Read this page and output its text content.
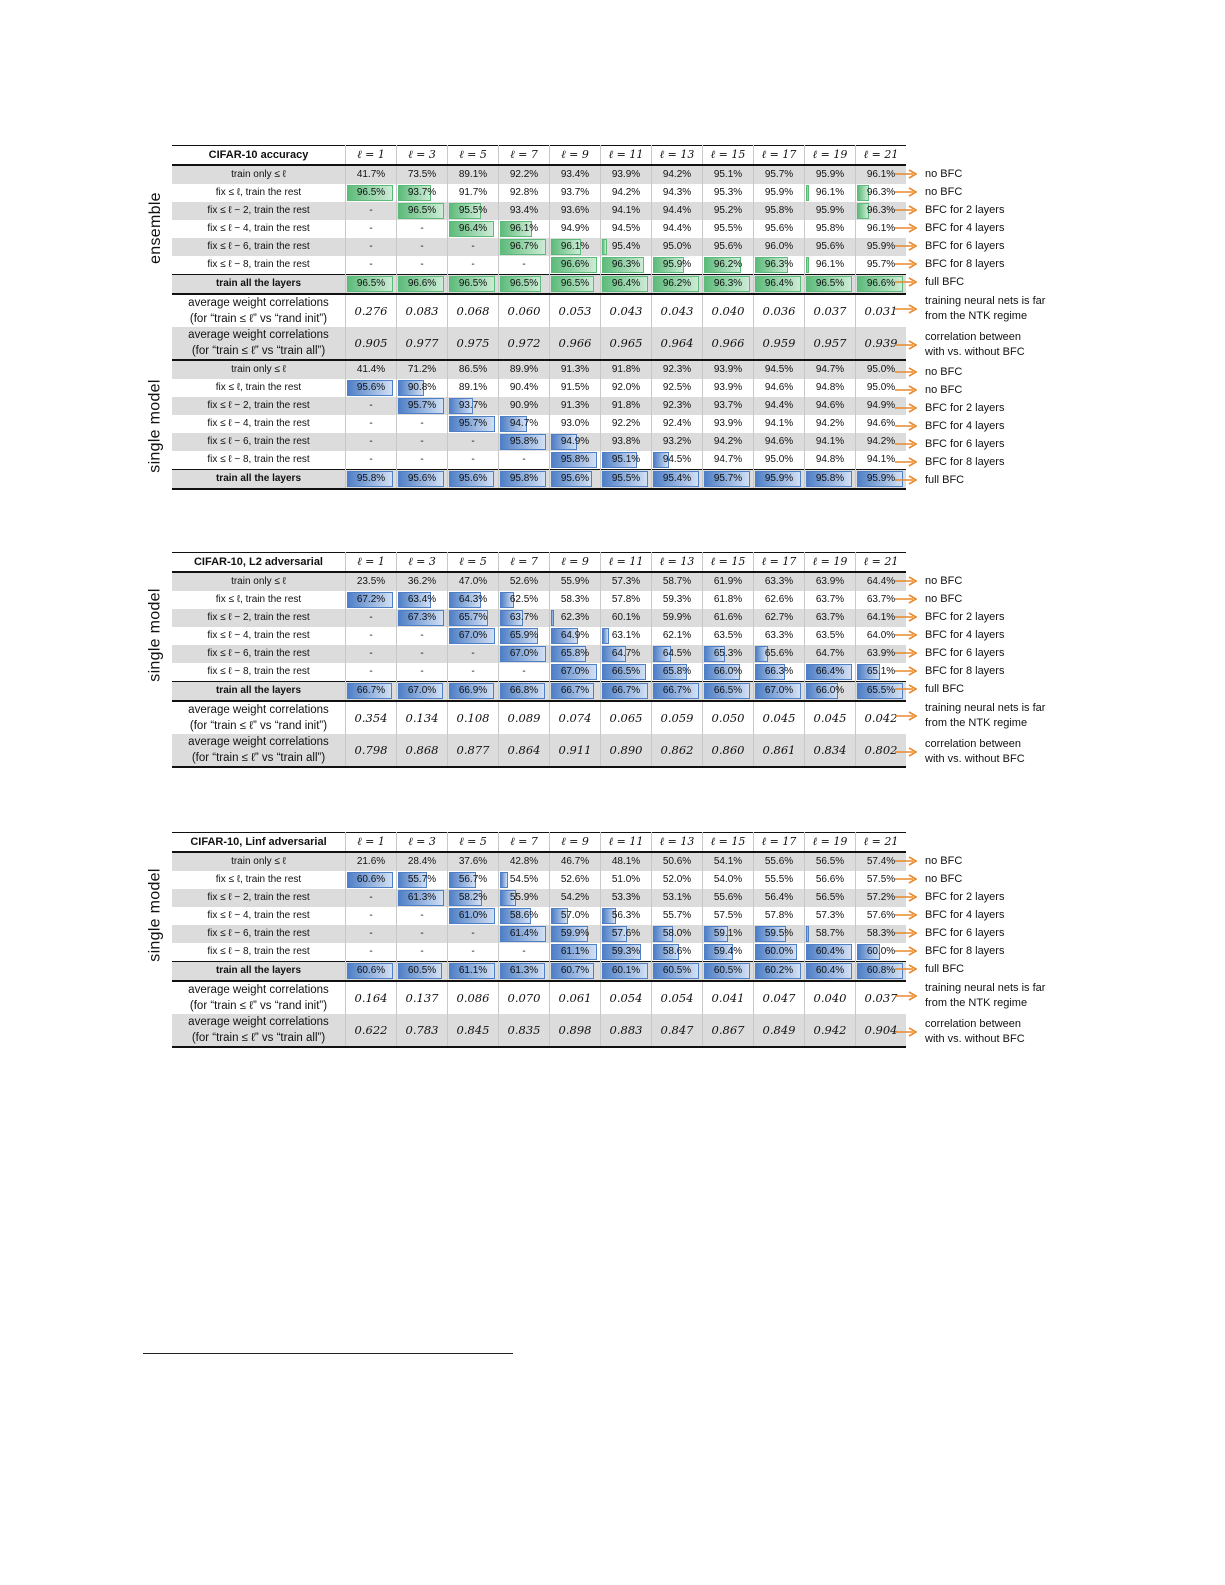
ensemble
single model
CIFAR-10 accuracy	ℓ = 1	ℓ = 3	ℓ = 5	ℓ = 7	ℓ = 9	ℓ = 11	ℓ = 13	ℓ = 15	ℓ = 17	ℓ = 19	ℓ = 21
train only ≤ ℓ	41.7%	73.5%	89.1%	92.2%	93.4%	93.9%	94.2%	95.1%	95.7%	95.9%	96.1%
fix ≤ ℓ, train the rest	96.5%	93.7%	91.7%	92.8%	93.7%	94.2%	94.3%	95.3%	95.9%	96.1%	96.3%
fix ≤ ℓ − 2, train the rest	-	96.5%	95.5%	93.4%	93.6%	94.1%	94.4%	95.2%	95.8%	95.9%	96.3%
fix ≤ ℓ − 4, train the rest	-	-	96.4%	96.1%	94.9%	94.5%	94.4%	95.5%	95.6%	95.8%	96.1%
fix ≤ ℓ − 6, train the rest	-	-	-	96.7%	96.1%	95.4%	95.0%	95.6%	96.0%	95.6%	95.9%
fix ≤ ℓ − 8, train the rest	-	-	-	-	96.6%	96.3%	95.9%	96.2%	96.3%	96.1%	95.7%
train all the layers	96.5%	96.6%	96.5%	96.5%	96.5%	96.4%	96.2%	96.3%	96.4%	96.5%	96.6%

average weight correlations
(for “train ≤ ℓ” vs “rand init”)	0.276	0.083	0.068	0.060	0.053	0.043	0.043	0.040	0.036	0.037	0.031

average weight correlations
(for “train ≤ ℓ” vs “train all”)	0.905	0.977	0.975	0.972	0.966	0.965	0.964	0.966	0.959	0.957	0.939
train only ≤ ℓ	41.4%	71.2%	86.5%	89.9%	91.3%	91.8%	92.3%	93.9%	94.5%	94.7%	95.0%
fix ≤ ℓ, train the rest	95.6%	90.8%	89.1%	90.4%	91.5%	92.0%	92.5%	93.9%	94.6%	94.8%	95.0%
fix ≤ ℓ − 2, train the rest	-	95.7%	93.7%	90.9%	91.3%	91.8%	92.3%	93.7%	94.4%	94.6%	94.9%
fix ≤ ℓ − 4, train the rest	-	-	95.7%	94.7%	93.0%	92.2%	92.4%	93.9%	94.1%	94.2%	94.6%
fix ≤ ℓ − 6, train the rest	-	-	-	95.8%	94.9%	93.8%	93.2%	94.2%	94.6%	94.1%	94.2%
fix ≤ ℓ − 8, train the rest	-	-	-	-	95.8%	95.1%	94.5%	94.7%	95.0%	94.8%	94.1%
train all the layers	95.8%	95.6%	95.6%	95.8%	95.6%	95.5%	95.4%	95.7%	95.9%	95.8%	95.9%
no BFC
no BFC
BFC for 2 layers
BFC for 4 layers
BFC for 6 layers
BFC for 8 layers
full BFC
training neural nets is far
from the NTK regime
correlation between
with vs. without BFC
no BFC
no BFC
BFC for 2 layers
BFC for 4 layers
BFC for 6 layers
BFC for 8 layers
full BFC
single model
CIFAR-10, L2 adversarial	ℓ = 1	ℓ = 3	ℓ = 5	ℓ = 7	ℓ = 9	ℓ = 11	ℓ = 13	ℓ = 15	ℓ = 17	ℓ = 19	ℓ = 21
train only ≤ ℓ	23.5%	36.2%	47.0%	52.6%	55.9%	57.3%	58.7%	61.9%	63.3%	63.9%	64.4%
fix ≤ ℓ, train the rest	67.2%	63.4%	64.3%	62.5%	58.3%	57.8%	59.3%	61.8%	62.6%	63.7%	63.7%
fix ≤ ℓ − 2, train the rest	-	67.3%	65.7%	63.7%	62.3%	60.1%	59.9%	61.6%	62.7%	63.7%	64.1%
fix ≤ ℓ − 4, train the rest	-	-	67.0%	65.9%	64.9%	63.1%	62.1%	63.5%	63.3%	63.5%	64.0%
fix ≤ ℓ − 6, train the rest	-	-	-	67.0%	65.8%	64.7%	64.5%	65.3%	65.6%	64.7%	63.9%
fix ≤ ℓ − 8, train the rest	-	-	-	-	67.0%	66.5%	65.8%	66.0%	66.3%	66.4%	65.1%
train all the layers	66.7%	67.0%	66.9%	66.8%	66.7%	66.7%	66.7%	66.5%	67.0%	66.0%	65.5%

average weight correlations
(for “train ≤ ℓ” vs “rand init”)	0.354	0.134	0.108	0.089	0.074	0.065	0.059	0.050	0.045	0.045	0.042

average weight correlations
(for “train ≤ ℓ” vs “train all”)	0.798	0.868	0.877	0.864	0.911	0.890	0.862	0.860	0.861	0.834	0.802
no BFC
no BFC
BFC for 2 layers
BFC for 4 layers
BFC for 6 layers
BFC for 8 layers
full BFC
training neural nets is far
from the NTK regime
correlation between
with vs. without BFC
single model
CIFAR-10, Linf adversarial	ℓ = 1	ℓ = 3	ℓ = 5	ℓ = 7	ℓ = 9	ℓ = 11	ℓ = 13	ℓ = 15	ℓ = 17	ℓ = 19	ℓ = 21
train only ≤ ℓ	21.6%	28.4%	37.6%	42.8%	46.7%	48.1%	50.6%	54.1%	55.6%	56.5%	57.4%
fix ≤ ℓ, train the rest	60.6%	55.7%	56.7%	54.5%	52.6%	51.0%	52.0%	54.0%	55.5%	56.6%	57.5%
fix ≤ ℓ − 2, train the rest	-	61.3%	58.2%	55.9%	54.2%	53.3%	53.1%	55.6%	56.4%	56.5%	57.2%
fix ≤ ℓ − 4, train the rest	-	-	61.0%	58.6%	57.0%	56.3%	55.7%	57.5%	57.8%	57.3%	57.6%
fix ≤ ℓ − 6, train the rest	-	-	-	61.4%	59.9%	57.6%	58.0%	59.1%	59.5%	58.7%	58.3%
fix ≤ ℓ − 8, train the rest	-	-	-	-	61.1%	59.3%	58.6%	59.4%	60.0%	60.4%	60.0%
train all the layers	60.6%	60.5%	61.1%	61.3%	60.7%	60.1%	60.5%	60.5%	60.2%	60.4%	60.8%

average weight correlations
(for “train ≤ ℓ” vs “rand init”)	0.164	0.137	0.086	0.070	0.061	0.054	0.054	0.041	0.047	0.040	0.037

average weight correlations
(for “train ≤ ℓ” vs “train all”)	0.622	0.783	0.845	0.835	0.898	0.883	0.847	0.867	0.849	0.942	0.904
no BFC
no BFC
BFC for 2 layers
BFC for 4 layers
BFC for 6 layers
BFC for 8 layers
full BFC
training neural nets is far
from the NTK regime
correlation between
with vs. without BFC
